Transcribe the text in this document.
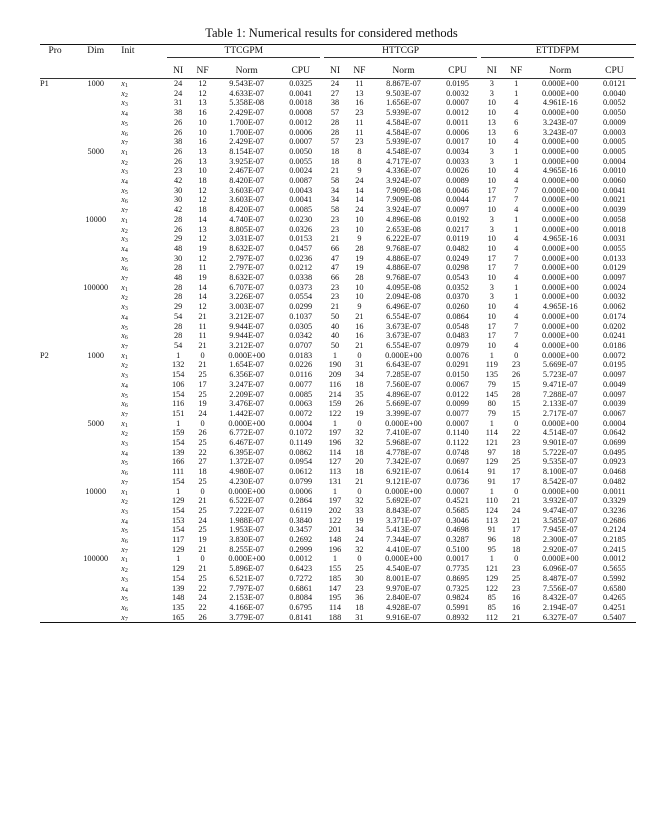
Table 1: Numerical results for considered methods
Pro	Dim	Init	TTCGPM				HTTCGP				ETTDFPM			

			NI	NF	Norm	CPU	NI	NF	Norm	CPU	NI	NF	Norm	CPU
P1	1000	$x_1$	24	12	9.543E-07	0.0325	24	11	8.867E-07	0.0195	3	1	0.000E+00	0.0121
		$x_2$	24	12	4.633E-07	0.0041	27	13	9.503E-07	0.0032	3	1	0.000E+00	0.0040
		$x_3$	31	13	5.358E-08	0.0018	38	16	1.656E-07	0.0007	10	4	4.961E-16	0.0052
		$x_4$	38	16	2.429E-07	0.0008	57	23	5.939E-07	0.0012	10	4	0.000E+00	0.0050
		$x_5$	26	10	1.700E-07	0.0012	28	11	4.584E-07	0.0011	13	6	3.243E-07	0.0009
		$x_6$	26	10	1.700E-07	0.0006	28	11	4.584E-07	0.0006	13	6	3.243E-07	0.0003
		$x_7$	38	16	2.429E-07	0.0007	57	23	5.939E-07	0.0017	10	4	0.000E+00	0.0005
	5000	$x_1$	26	13	8.154E-07	0.0050	18	8	4.548E-07	0.0034	3	1	0.000E+00	0.0005
		$x_2$	26	13	3.925E-07	0.0055	18	8	4.717E-07	0.0033	3	1	0.000E+00	0.0004
		$x_3$	23	10	2.467E-07	0.0024	21	9	4.336E-07	0.0026	10	4	4.965E-16	0.0010
		$x_4$	42	18	8.420E-07	0.0087	58	24	3.924E-07	0.0089	10	4	0.000E+00	0.0060
		$x_5$	30	12	3.603E-07	0.0043	34	14	7.909E-08	0.0046	17	7	0.000E+00	0.0041
		$x_6$	30	12	3.603E-07	0.0041	34	14	7.909E-08	0.0044	17	7	0.000E+00	0.0021
		$x_7$	42	18	8.420E-07	0.0085	58	24	3.924E-07	0.0097	10	4	0.000E+00	0.0039
	10000	$x_1$	28	14	4.740E-07	0.0230	23	10	4.896E-08	0.0192	3	1	0.000E+00	0.0058
		$x_2$	26	13	8.805E-07	0.0326	23	10	2.653E-08	0.0217	3	1	0.000E+00	0.0018
		$x_3$	29	12	3.031E-07	0.0153	21	9	6.222E-07	0.0119	10	4	4.965E-16	0.0031
		$x_4$	48	19	8.632E-07	0.0457	66	28	9.768E-07	0.0482	10	4	0.000E+00	0.0055
		$x_5$	30	12	2.797E-07	0.0236	47	19	4.886E-07	0.0249	17	7	0.000E+00	0.0133
		$x_6$	28	11	2.797E-07	0.0212	47	19	4.886E-07	0.0298	17	7	0.000E+00	0.0129
		$x_7$	48	19	8.632E-07	0.0338	66	28	9.768E-07	0.0543	10	4	0.000E+00	0.0097
	100000	$x_1$	28	14	6.707E-07	0.0373	23	10	4.095E-08	0.0352	3	1	0.000E+00	0.0024
		$x_2$	28	14	3.226E-07	0.0554	23	10	2.094E-08	0.0370	3	1	0.000E+00	0.0032
		$x_3$	29	12	3.003E-07	0.0299	21	9	6.496E-07	0.0260	10	4	4.965E-16	0.0062
		$x_4$	54	21	3.212E-07	0.1037	50	21	6.554E-07	0.0864	10	4	0.000E+00	0.0174
		$x_5$	28	11	9.944E-07	0.0305	40	16	3.673E-07	0.0548	17	7	0.000E+00	0.0202
		$x_6$	28	11	9.944E-07	0.0342	40	16	3.673E-07	0.0483	17	7	0.000E+00	0.0241
		$x_7$	54	21	3.212E-07	0.0707	50	21	6.554E-07	0.0979	10	4	0.000E+00	0.0186
P2	1000	$x_1$	1	0	0.000E+00	0.0183	1	0	0.000E+00	0.0076	1	0	0.000E+00	0.0072
		$x_2$	132	21	1.654E-07	0.0226	190	31	6.643E-07	0.0291	119	23	5.669E-07	0.0195
		$x_3$	154	25	6.356E-07	0.0116	209	34	7.285E-07	0.0150	135	26	5.723E-07	0.0097
		$x_4$	106	17	3.247E-07	0.0077	116	18	7.560E-07	0.0067	79	15	9.471E-07	0.0049
		$x_5$	154	25	2.209E-07	0.0085	214	35	4.896E-07	0.0122	145	28	7.288E-07	0.0097
		$x_6$	116	19	3.476E-07	0.0063	159	26	5.669E-07	0.0099	80	15	2.133E-07	0.0039
		$x_7$	151	24	1.442E-07	0.0072	122	19	3.399E-07	0.0077	79	15	2.717E-07	0.0067
	5000	$x_1$	1	0	0.000E+00	0.0004	1	0	0.000E+00	0.0007	1	0	0.000E+00	0.0004
		$x_2$	159	26	6.772E-07	0.1072	197	32	7.410E-07	0.1140	114	22	4.514E-07	0.0642
		$x_3$	154	25	6.467E-07	0.1149	196	32	5.968E-07	0.1122	121	23	9.901E-07	0.0699
		$x_4$	139	22	6.395E-07	0.0862	114	18	4.778E-07	0.0748	97	18	5.722E-07	0.0495
		$x_5$	166	27	1.372E-07	0.0954	127	20	7.342E-07	0.0697	129	25	9.535E-07	0.0923
		$x_6$	111	18	4.980E-07	0.0612	113	18	6.921E-07	0.0614	91	17	8.100E-07	0.0468
		$x_7$	154	25	4.230E-07	0.0799	131	21	9.121E-07	0.0736	91	17	8.542E-07	0.0482
	10000	$x_1$	1	0	0.000E+00	0.0006	1	0	0.000E+00	0.0007	1	0	0.000E+00	0.0011
		$x_2$	129	21	6.522E-07	0.2864	197	32	5.692E-07	0.4521	110	21	3.932E-07	0.3329
		$x_3$	154	25	7.222E-07	0.6119	202	33	8.843E-07	0.5685	124	24	9.474E-07	0.3236
		$x_4$	153	24	1.988E-07	0.3840	122	19	3.371E-07	0.3046	113	21	3.585E-07	0.2686
		$x_5$	154	25	1.953E-07	0.3457	201	34	5.413E-07	0.4698	91	17	7.945E-07	0.2124
		$x_6$	117	19	3.830E-07	0.2692	148	24	7.344E-07	0.3287	96	18	2.300E-07	0.2185
		$x_7$	129	21	8.255E-07	0.2999	196	32	4.410E-07	0.5100	95	18	2.920E-07	0.2415
	100000	$x_1$	1	0	0.000E+00	0.0012	1	0	0.000E+00	0.0017	1	0	0.000E+00	0.0012
		$x_2$	129	21	5.896E-07	0.6423	155	25	4.540E-07	0.7735	121	23	6.096E-07	0.5655
		$x_3$	154	25	6.521E-07	0.7272	185	30	8.001E-07	0.8695	129	25	8.487E-07	0.5992
		$x_4$	139	22	7.797E-07	0.6861	147	23	9.970E-07	0.7325	122	23	7.556E-07	0.6580
		$x_5$	148	24	2.153E-07	0.8084	195	36	2.840E-07	0.9824	85	16	8.432E-07	0.4265
		$x_6$	135	22	4.166E-07	0.6795	114	18	4.928E-07	0.5991	85	16	2.194E-07	0.4251
		$x_7$	165	26	3.779E-07	0.8141	188	31	9.916E-07	0.8932	112	21	6.327E-07	0.5407
